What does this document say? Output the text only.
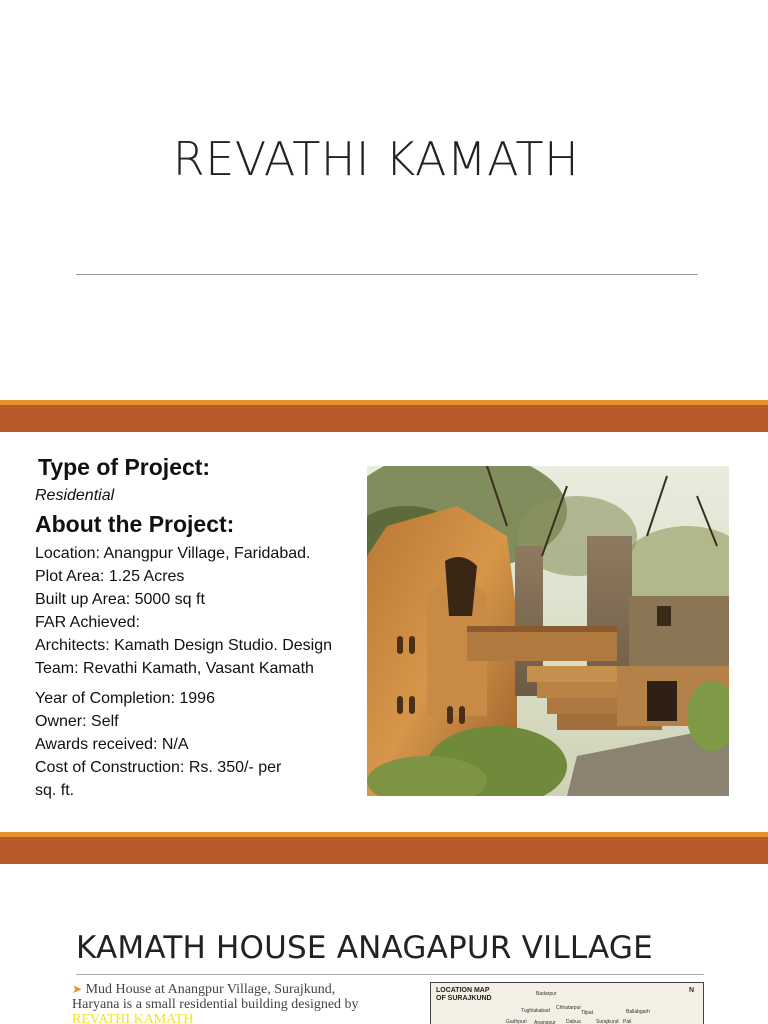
REVATHI KAMATH
Type of Project:
Residential
About the Project:
Location: Anangpur Village, Faridabad.
Plot Area: 1.25 Acres
Built up Area: 5000 sq ft
FAR Achieved:
Architects: Kamath Design Studio. Design
Team: Revathi Kamath, Vasant Kamath
Year of Completion: 1996
Owner: Self
Awards received: N/A
Cost of Construction: Rs. 350/- per
sq. ft.
KAMATH HOUSE ANAGAPUR VILLAGE
➤ Mud House at Anangpur Village, Surajkund, Haryana is a small residential building designed by REVATHI KAMATH
LOCATION MAP
OF SURAJKUND
Badarpur
Tughlakabad Chhatarpur
Tilpat	Ballabgarh
Gadhpuri Anangpur Dabua	Surajkund Pali
N
